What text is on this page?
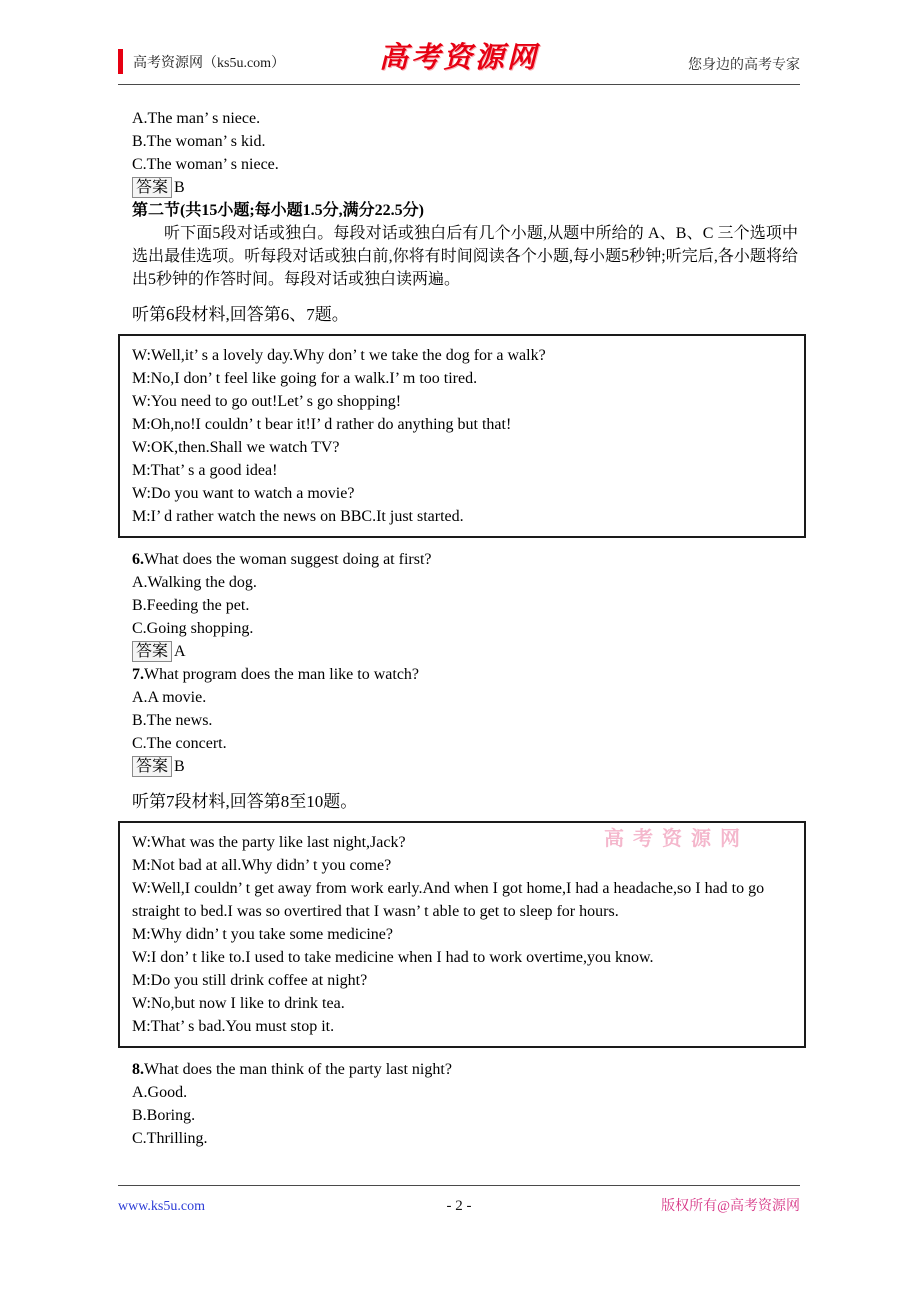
高考资源网（ks5u.com）	高考资源网	您身边的高考专家
A.The man’ s niece.
B.The woman’ s kid.
C.The woman’ s niece.
答案 B
第二节(共15小题;每小题1.5分,满分22.5分)
听下面5段对话或独白。每段对话或独白后有几个小题,从题中所给的 A、B、C 三个选项中选出最佳选项。听每段对话或独白前,你将有时间阅读各个小题,每小题5秒钟;听完后,各小题将给出5秒钟的作答时间。每段对话或独白读两遍。
听第6段材料,回答第6、7题。
W:Well,it’ s a lovely day.Why don’ t we take the dog for a walk?
M:No,I don’ t feel like going for a walk.I’ m too tired.
W:You need to go out!Let’ s go shopping!
M:Oh,no!I couldn’ t bear it!I’ d rather do anything but that!
W:OK,then.Shall we watch TV?
M:That’ s a good idea!
W:Do you want to watch a movie?
M:I’ d rather watch the news on BBC.It just started.
6.What does the woman suggest doing at first?
A.Walking the dog.
B.Feeding the pet.
C.Going shopping.
答案 A
7.What program does the man like to watch?
A.A movie.
B.The news.
C.The concert.
答案 B
听第7段材料,回答第8至10题。
高考资源网
W:What was the party like last night,Jack?
M:Not bad at all.Why didn’ t you come?
W:Well,I couldn’ t get away from work early.And when I got home,I had a headache,so I had to go straight to bed.I was so overtired that I wasn’ t able to get to sleep for hours.
M:Why didn’ t you take some medicine?
W:I don’ t like to.I used to take medicine when I had to work overtime,you know.
M:Do you still drink coffee at night?
W:No,but now I like to drink tea.
M:That’ s bad.You must stop it.
8.What does the man think of the party last night?
A.Good.
B.Boring.
C.Thrilling.
www.ks5u.com	- 2 -	版权所有@高考资源网
